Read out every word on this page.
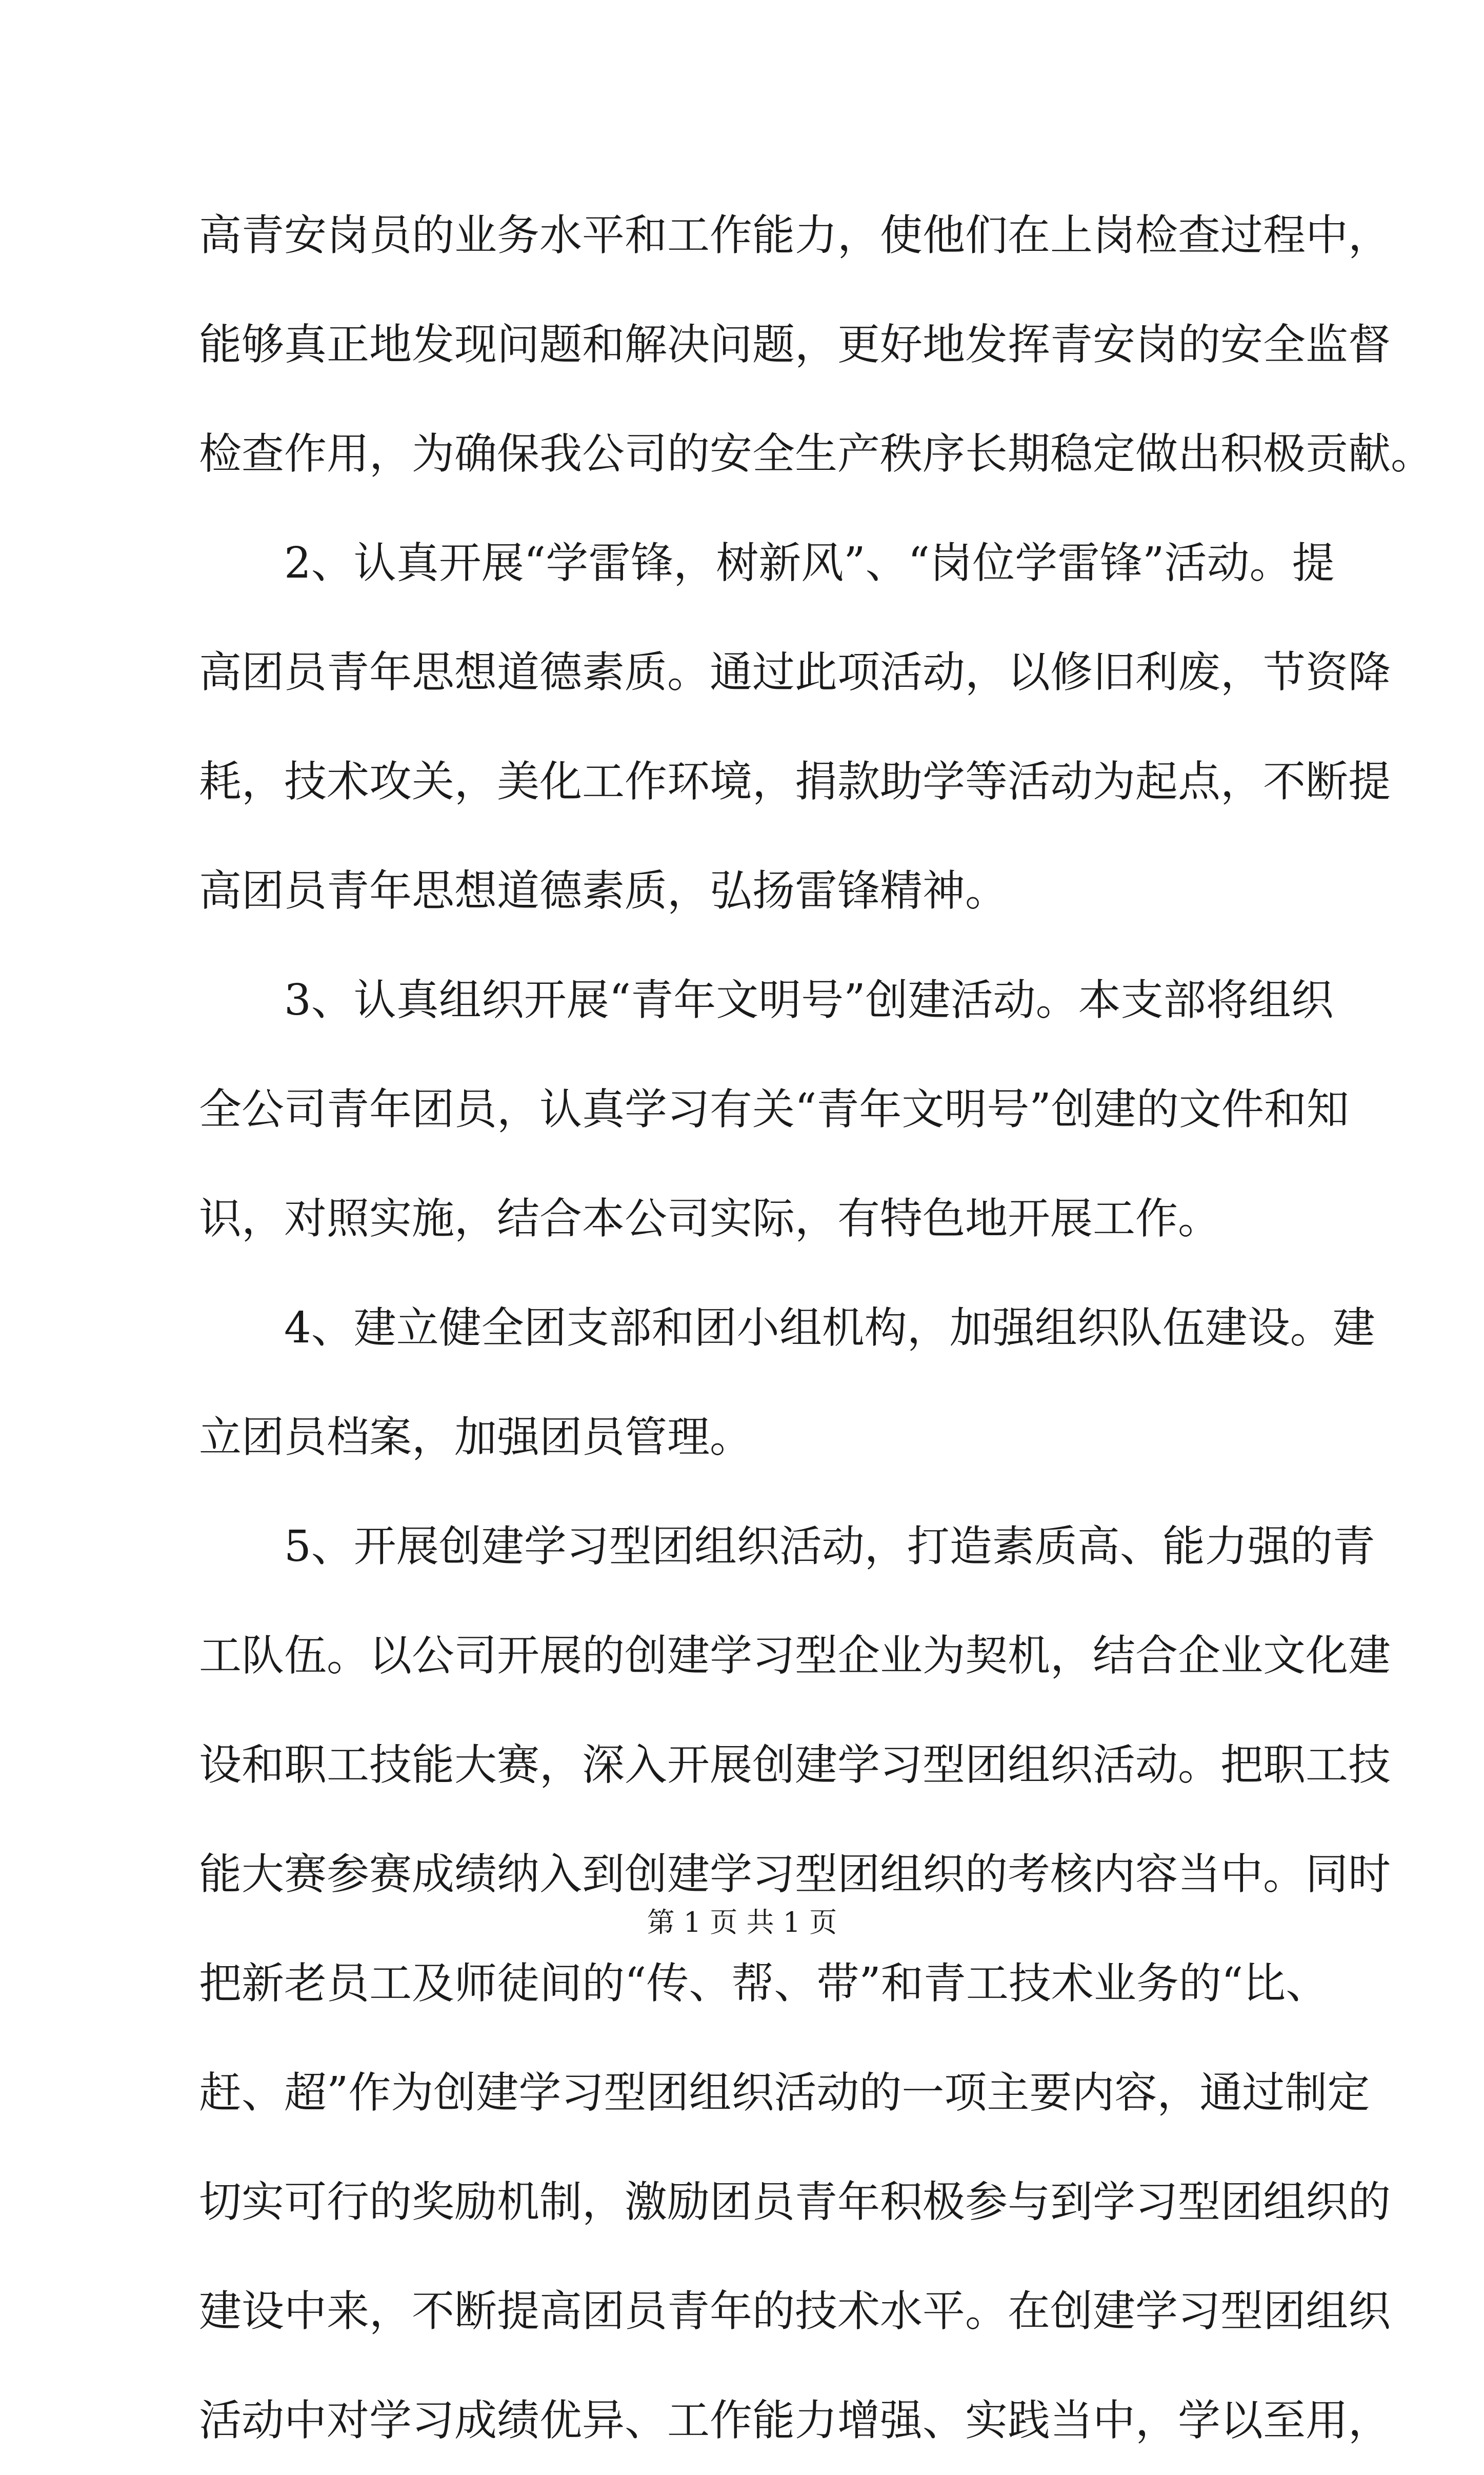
高青安岗员的业务水平和工作能力，使他们在上岗检查过程中，
能够真正地发现问题和解决问题，更好地发挥青安岗的安全监督
检查作用，为确保我公司的安全生产秩序长期稳定做出积极贡献。
2、认真开展“学雷锋，树新风”、“岗位学雷锋”活动。提
高团员青年思想道德素质。通过此项活动，以修旧利废，节资降
耗，技术攻关，美化工作环境，捐款助学等活动为起点，不断提
高团员青年思想道德素质，弘扬雷锋精神。
3、认真组织开展“青年文明号”创建活动。本支部将组织
全公司青年团员，认真学习有关“青年文明号”创建的文件和知
识，对照实施，结合本公司实际，有特色地开展工作。
4、建立健全团支部和团小组机构，加强组织队伍建设。建
立团员档案，加强团员管理。
5、开展创建学习型团组织活动，打造素质高、能力强的青
工队伍。以公司开展的创建学习型企业为契机，结合企业文化建
设和职工技能大赛，深入开展创建学习型团组织活动。把职工技
能大赛参赛成绩纳入到创建学习型团组织的考核内容当中。同时
把新老员工及师徒间的“传、帮、带”和青工技术业务的“比、
赶、超”作为创建学习型团组织活动的一项主要内容，通过制定
切实可行的奖励机制，激励团员青年积极参与到学习型团组织的
建设中来，不断提高团员青年的技术水平。在创建学习型团组织
活动中对学习成绩优异、工作能力增强、实践当中，学以至用，
第 1 页 共 1 页
